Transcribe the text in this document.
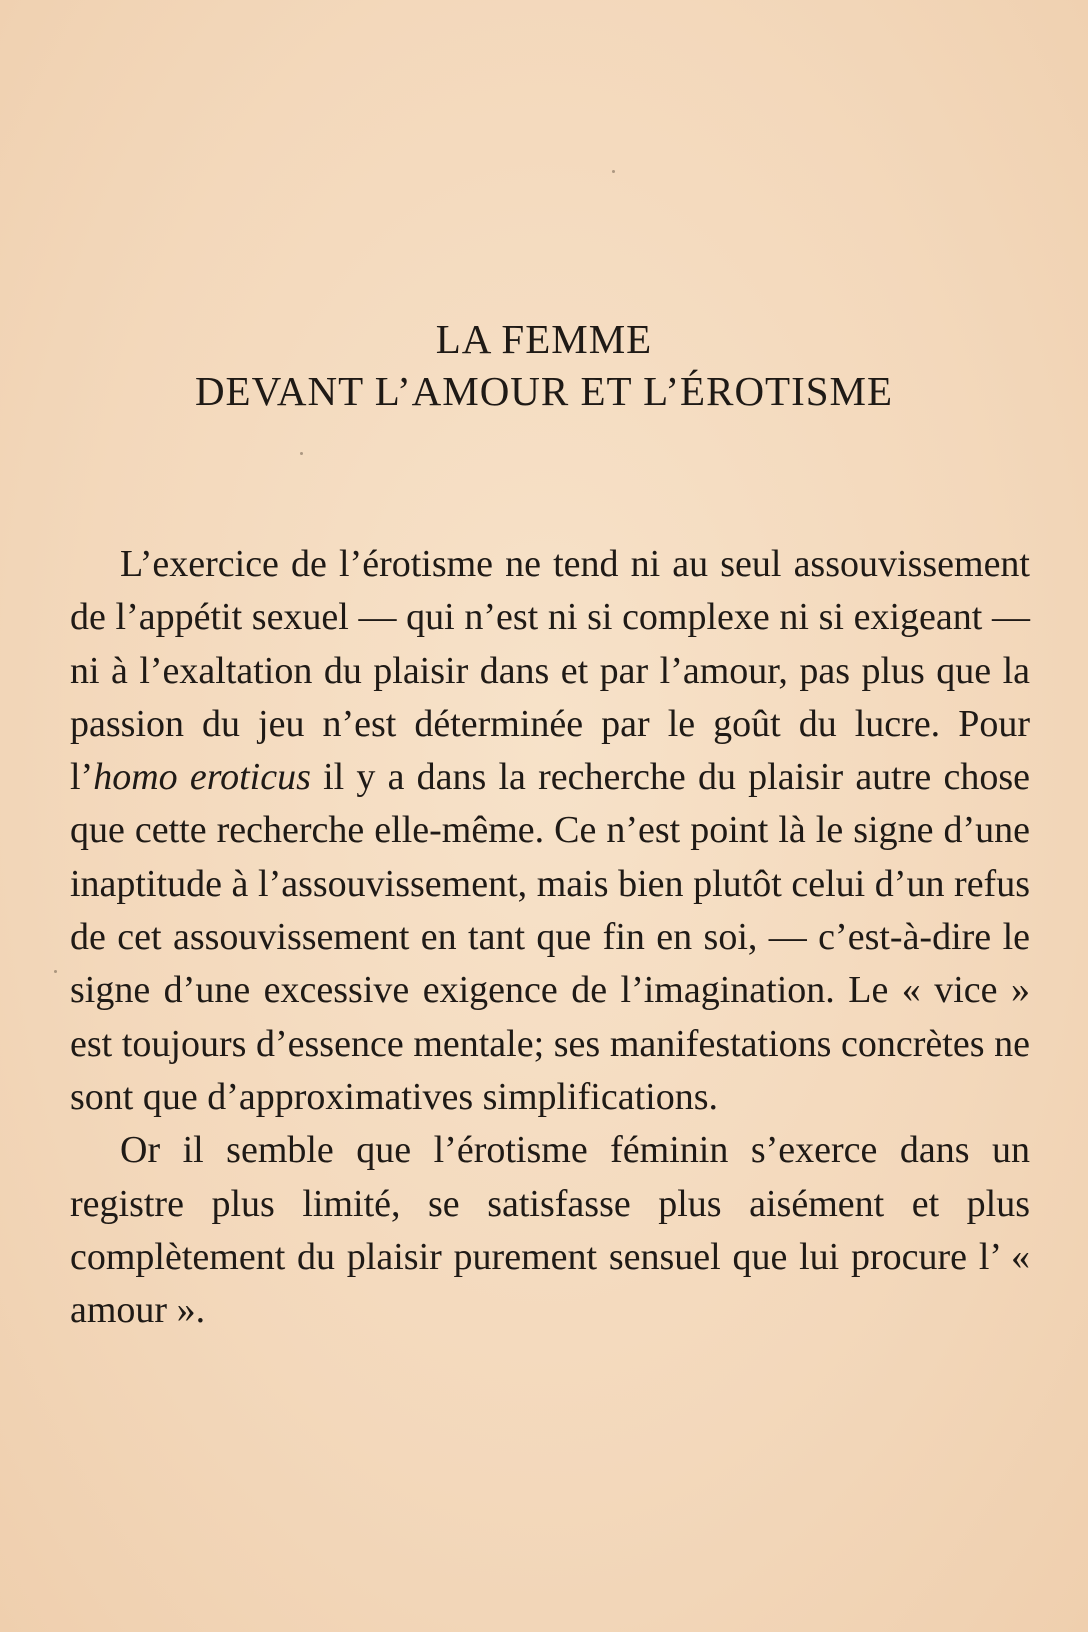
LA FEMME
DEVANT L’AMOUR ET L’ÉROTISME

L’exercice de l’érotisme ne tend ni au seul assouvissement de l’appétit sexuel — qui n’est ni si complexe ni si exigeant — ni à l’exaltation du plaisir dans et par l’amour, pas plus que la passion du jeu n’est déterminée par le goût du lucre. Pour l’homo eroticus il y a dans la recherche du plaisir autre chose que cette recherche elle-même. Ce n’est point là le signe d’une inaptitude à l’assouvissement, mais bien plutôt celui d’un refus de cet assouvissement en tant que fin en soi, — c’est-à-dire le signe d’une excessive exigence de l’imagination. Le « vice » est toujours d’essence mentale; ses manifestations concrètes ne sont que d’approximatives simplifications.

Or il semble que l’érotisme féminin s’exerce dans un registre plus limité, se satisfasse plus aisément et plus complètement du plaisir purement sensuel que lui procure l’ « amour ».
